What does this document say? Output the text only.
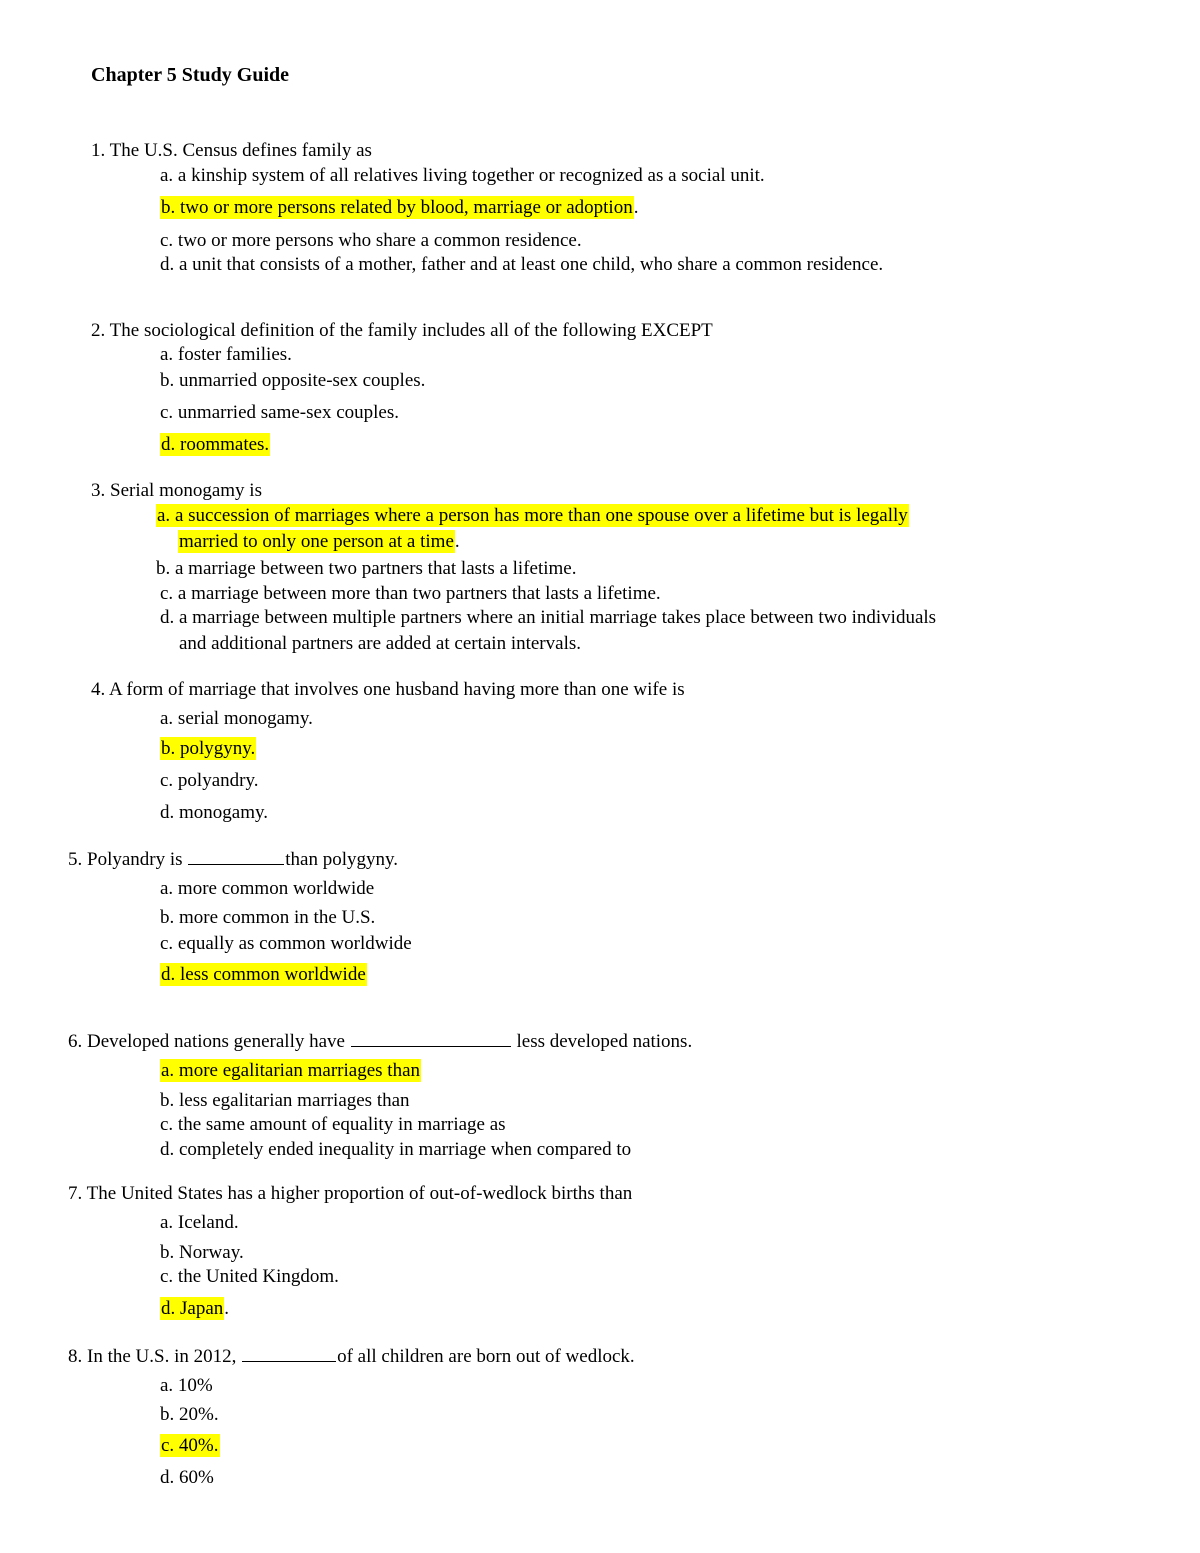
Chapter 5 Study Guide
1. The U.S. Census defines family as
a. a kinship system of all relatives living together or recognized as a social unit.
b. two or more persons related by blood, marriage or adoption.
c. two or more persons who share a common residence.
d. a unit that consists of a mother, father and at least one child, who share a common residence.
2. The sociological definition of the family includes all of the following EXCEPT
a. foster families.
b. unmarried opposite-sex couples.
c. unmarried same-sex couples.
d. roommates.
3. Serial monogamy is
a. a succession of marriages where a person has more than one spouse over a lifetime but is legally
married to only one person at a time.
b. a marriage between two partners that lasts a lifetime.
c. a marriage between more than two partners that lasts a lifetime.
d. a marriage between multiple partners where an initial marriage takes place between two individuals
and additional partners are added at certain intervals.
4. A form of marriage that involves one husband having more than one wife is
a. serial monogamy.
b. polygyny.
c. polyandry.
d. monogamy.
5. Polyandry is	than polygyny.
a. more common worldwide
b. more common in the U.S.
c. equally as common worldwide
d. less common worldwide
6. Developed nations generally have	less developed nations.
a. more egalitarian marriages than
b. less egalitarian marriages than
c. the same amount of equality in marriage as
d. completely ended inequality in marriage when compared to
7. The United States has a higher proportion of out-of-wedlock births than
a. Iceland.
b. Norway.
c. the United Kingdom.
d. Japan.
8. In the U.S. in 2012,	of all children are born out of wedlock.
a. 10%
b. 20%.
c. 40%.
d. 60%
